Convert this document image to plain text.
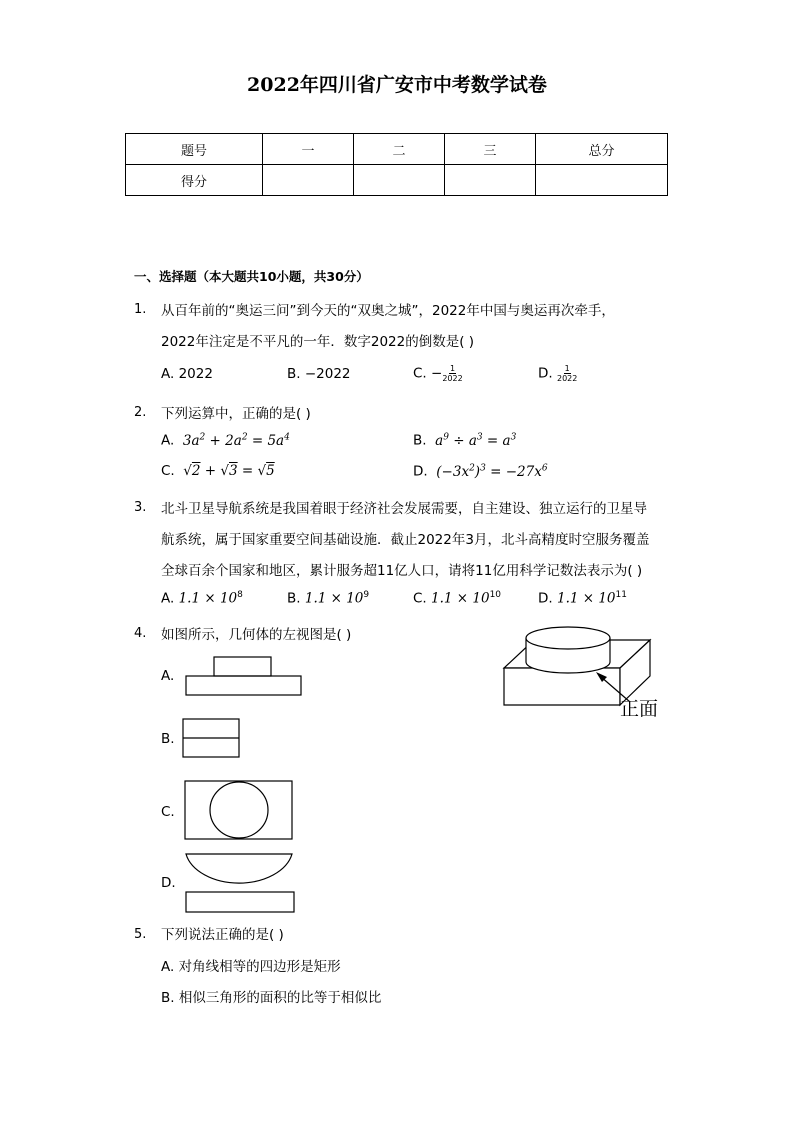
2022年四川省广安市中考数学试卷
题号	一	二	三	总分
得分				
一、选择题（本大题共10小题，共30分）
1. 从百年前的“奥运三问”到今天的“双奥之城”，2022年中国与奥运再次牵手，
2022年注定是不平凡的一年．数字2022的倒数是( )
A. 2022	B. −2022	C. − $\frac{1}{2022}$	D. $\frac{1}{2022}$
2. 下列运算中，正确的是( )
A.  $3a^2 + 2a^2 = 5a^4$	B.  $a^9 \div a^3 = a^3$
C.  √2 + √3 = √5	D.  $(-3x^2)^3 = -27x^6$
3. 北斗卫星导航系统是我国着眼于经济社会发展需要，自主建设、独立运行的卫星导
航系统，属于国家重要空间基础设施．截止2022年3月，北斗高精度时空服务覆盖
全球百余个国家和地区，累计服务超11亿人口，请将11亿用科学记数法表示为( )
A. $1.1 \times 10^8$	B. $1.1 \times 10^9$	C. $1.1 \times 10^{10}$	D. $1.1 \times 10^{11}$
4. 如图所示，几何体的左视图是( )
正面
A.
B.
C.
D.
5. 下列说法正确的是( )
A. 对角线相等的四边形是矩形
B. 相似三角形的面积的比等于相似比
